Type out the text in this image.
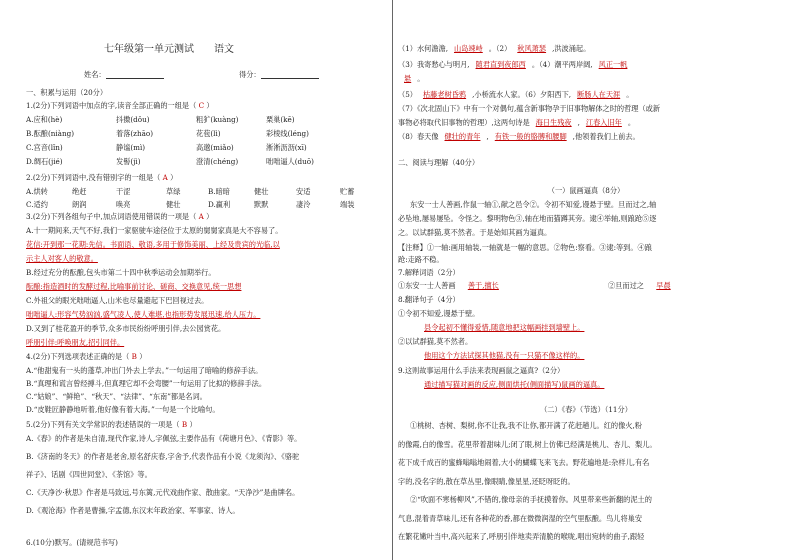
七年级第一单元测试　　语文
姓名：	得分：
一、积累与运用（20分）
1.(2分)下列词语中加点的字,读音全部正确的一组是（ C ）
A.应和(hè)	抖擞(dǒu)	粗犷(kuàng)	栗巢(kē)
B.酝酿(niàng)	着落(zhāo)	花苞(lì)	彩棱线(léng)
C.宫音(lǐn)	静谧(mì)	高邈(miǎo)	淅淅沥沥(xī)
D.绸石(jié)	发髻(jì)	澄清(chéng)	咄咄逼人(duō)
2.(2分)下列词语中,没有错别字的一组是（ A ）
A.烘转	绝赶	干涩	草绿	B.暗暗	健壮	安适	贮蓄
C.适约	朗润	唤亮	健壮	D.赢利	默默	凄泠	端装
3.(2分)下列各组句子中,加点词语使用错误的一项是（ A ）
A.十一期间来,天气不好,我们一家驱驶车途径位于太原的舅舅家真是大不容易了。
花信:开到那一花期:先信。书面语、敬语,多用于修饰美丽、上经及贵宾的光临,以
示主人对客人的敬意。
B.经过充分的酝酿,包头市第二十四中秋季运动会加期举行。
酝酿:指造酒时的发酵过程,比喻事前讨论、磋商、交换意见,统一思想
C.外祖父的眼光咄咄逼人,山米也尽量避起下巴回视过去。
咄咄逼人:形容气势汹汹,盛气凌人,使人难堪,也指形势发展迅速,给人压力。
D.又到了桂花盈开的季节,众多市民纷纷呼朋引伴,去公园赏花。
呼朋引伴:呼唤朋友,招引同伴。
4.(2分)下列选项表述正确的是（ B ）
A.“他甜鬼有一头的蓬草,冲出门外去上学去。”一句运用了暗喻的修辞手法。
B.“真理和谎言曾经搏斗,但真理它却不会弯腰”一句运用了比拟的修辞手法。
C.“姑娘”、“鲜艳”、“秋天”、“法律”、“东南”都是名词。
D.“皮鞋匠静静地听着,他好像有着大海。”一句是一个比喻句。
5.(2分)下列有关文学常识的表述错误的一项是（ B ）
A.《春》的作者是朱自清,现代作家,诗人,字佩弦,主要作品有《荷塘月色》、《背影》等。
B.《济南的冬天》的作者是老舍,原名舒庆春,字舍予,代表作品有小说《龙须沟》、《骆驼
祥子》、话剧《四世同堂》、《茶馆》等。
C.《天净沙·秋思》作者是马致远,号东篱,元代戏曲作家、散曲家。“天净沙”是曲牌名。
D.《观沧海》作者是曹操,字孟德,东汉末年政治家、军事家、诗人。
6.(10分)默写。(请规范书写)
（1）水何澹澹, 山岛竦峙 。（2） 秋风萧瑟 ,洪波涌起。
（3）我寄愁心与明月, 随君直到夜郎西 。（4）潮平两岸阔, 风正一帆
悬 。
（5） 枯藤老树昏鸦 ,小桥流水人家。（6）夕阳西下, 断肠人在天涯 。
（7）《次北固山下》中有一个对偶句,蕴含新事物孕于旧事物解体之时的哲理（或新
事物必将取代旧事物的哲理）,这两句诗是 海日生残夜 , 江春入旧年 。
（8）春天像 健壮的青年 , 有铁一般的胳膊和腰脚 ,他领着我们上前去。
二、阅读与理解（40分）
（一）鼠画逼真（8分）
东安一士人善画,作鼠一轴①,献之邑令②。令初不知爱,谩悬于壁。旦而过之,轴
必坠地,屡易屡坠。令怪之。黎明物色③,轴在地而猫蹲其旁。逮④举轴,则踉跄⑤逐
之。以试群猫,莫不然者。于是始知其画为逼真。
【注释】①一轴:画用轴装,一轴就是一幅的意思。②物色:察看。③逮:等到。④踉
跄:走路不稳。
7.解释词语（2分）
①东安一士人善画 善于,擅长	②旦而过之 早晨
8.翻译句子（4分）
①令初不知爱,谩悬于壁。
县令起初不懂得爱惜,随意地把这幅画挂到墙壁上。
②以试群猫,莫不然者。
他用这个方法试探其他猫,没有一只猫不像这样的。
9.这则故事运用什么手法来表现画鼠之逼真?（2分）
通过描写猫对画的反应,侧面烘托(侧面描写)鼠画的逼真。
（二）《春》（节选）（11分）
①桃树、杏树、梨树,你不让我,我不让你,都开满了花赶趟儿。红的像火,粉
的像霞,白的像雪。花里带着甜味儿;闭了眼,树上仿佛已经满是桃儿、杏儿、梨儿。
花下成千成百的蜜蜂嗡嗡地闹着,大小的蝴蝶飞来飞去。野花遍地是:杂样儿,有名
字的,没名字的,散在草丛里,像眼睛,像星星,还眨呀眨的。
②“吹面不寒杨柳风”,不错的,像母亲的手抚摸着你。风里带来些新翻的泥土的
气息,混着青草味儿,还有各种花的香,都在微微润湿的空气里酝酿。鸟儿将巢安
在繁花嫩叶当中,高兴起来了,呼朋引伴地卖弄清脆的喉咙,唱出宛转的曲子,跟轻
